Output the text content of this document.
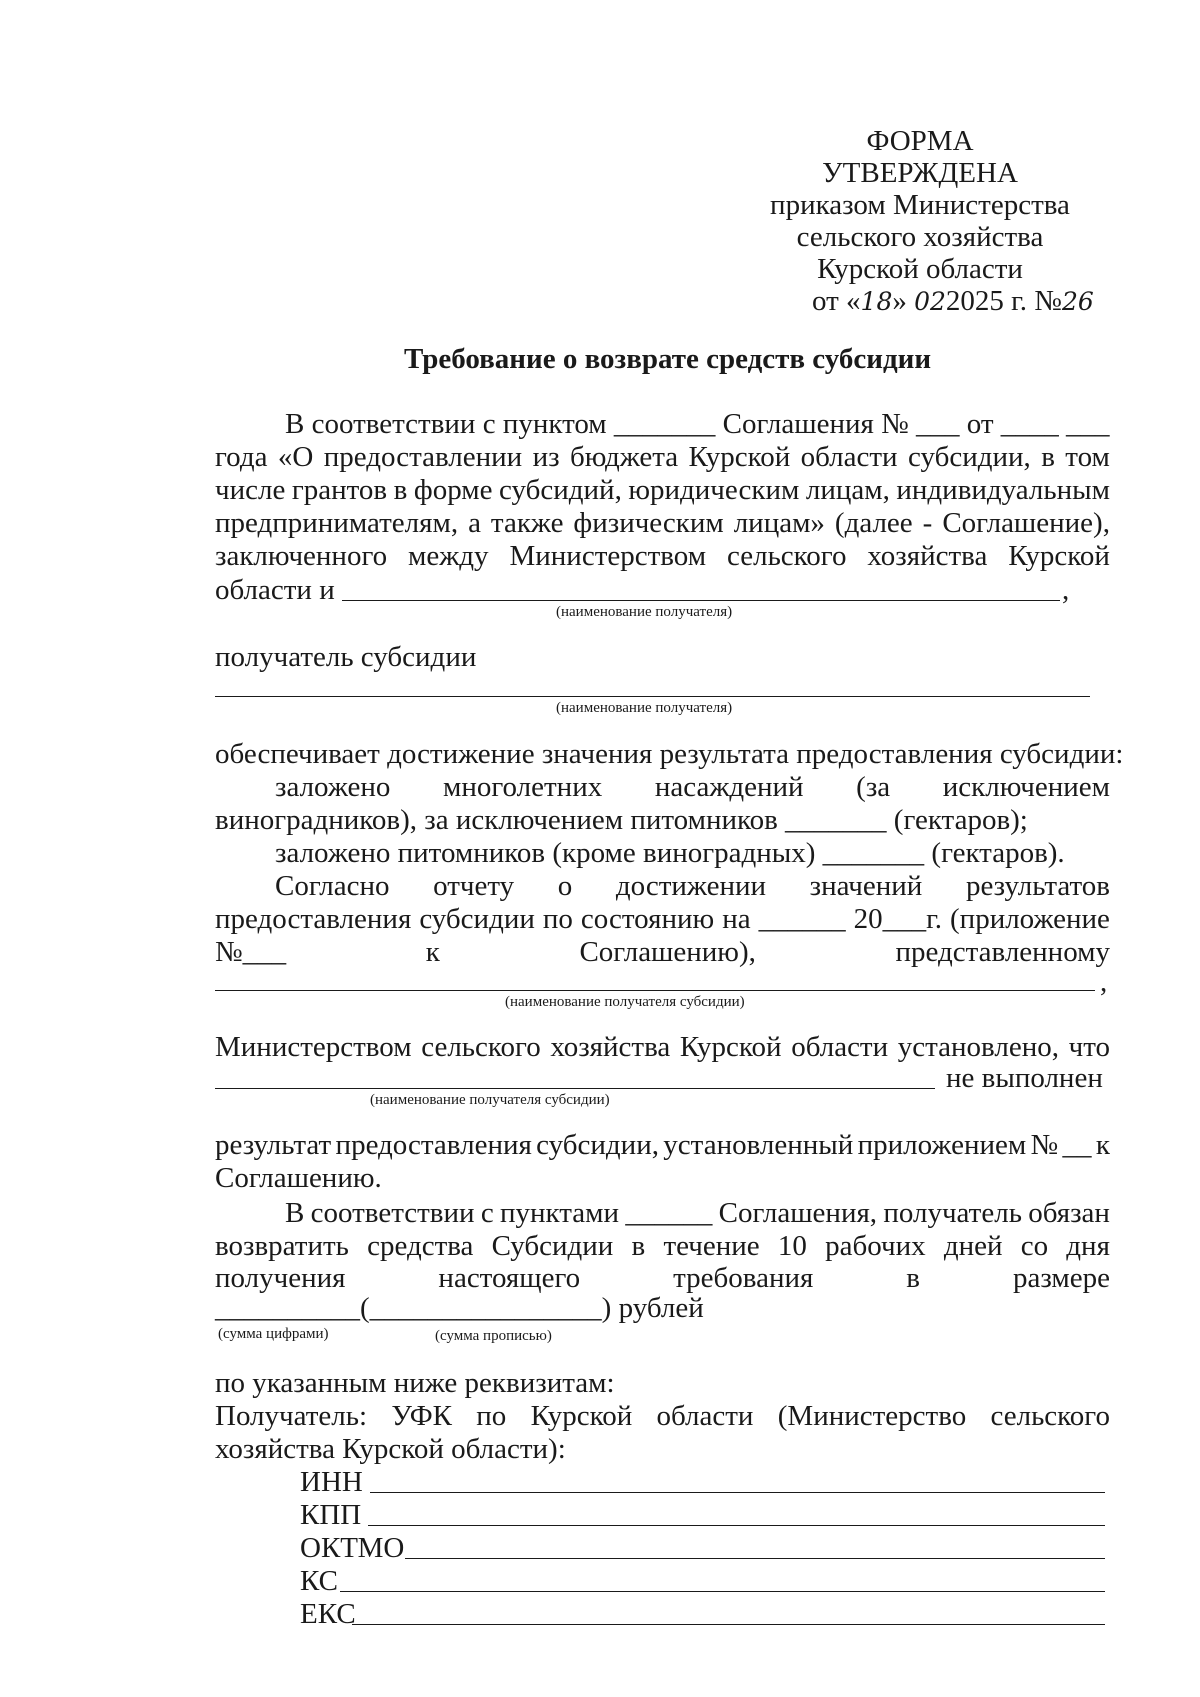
ФОРМА
УТВЕРЖДЕНА
приказом Министерства
сельского хозяйства
Курской области
от «18» 022025 г. №26
Требование о возврате средств субсидии
В соответствии с пунктом _______ Соглашения № ___ от ____ ___
года «О предоставлении из бюджета Курской области субсидии, в том
числе грантов в форме субсидий, юридическим лицам, индивидуальным
предпринимателям, а также физическим лицам» (далее - Соглашение),
заключенного между Министерством сельского хозяйства Курской
области и	,
(наименование получателя)
получатель субсидии
(наименование получателя)
обеспечивает достижение значения результата предоставления субсидии:
заложено многолетних насаждений (за исключением
виноградников), за исключением питомников _______ (гектаров);
заложено питомников (кроме виноградных) _______ (гектаров).
Согласно отчету о достижении значений результатов
предоставления субсидии по состоянию на ______ 20___г. (приложение
№___	к	Соглашению),	представленному
,
(наименование получателя субсидии)
Министерством сельского хозяйства Курской области установлено, что
не выполнен
(наименование получателя субсидии)
результат предоставления субсидии, установленный приложением № __ к
Соглашению.
В соответствии с пунктами ______ Соглашения, получатель обязан
возвратить средства Субсидии в течение 10 рабочих дней со дня
получения	настоящего	требования	в	размере
__________(________________) рублей
(сумма цифрами)	(сумма прописью)
по указанным ниже реквизитам:
Получатель: УФК по Курской области (Министерство сельского
хозяйства Курской области):
ИНН
КПП
ОКТМО
КС
ЕКС
